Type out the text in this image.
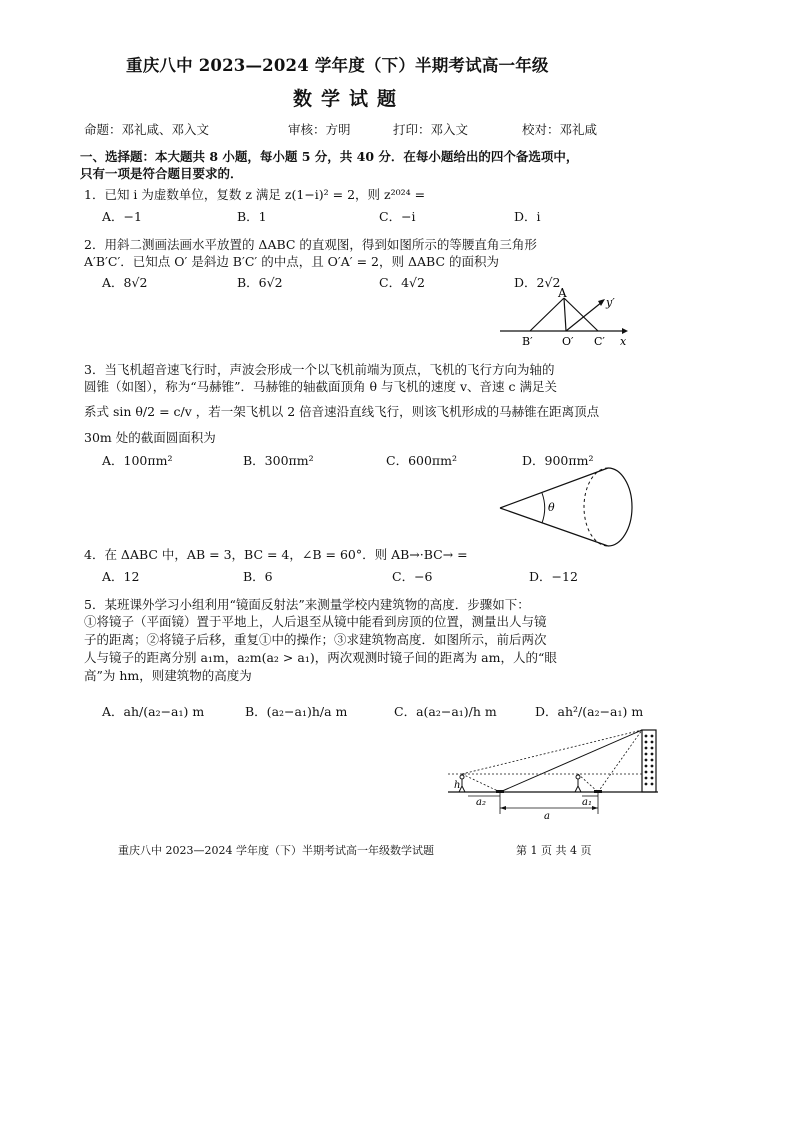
重庆八中 2023—2024 学年度（下）半期考试高一年级
数学试题
命题：邓礼咸、邓入文	审核：方明	打印：邓入文	校对：邓礼咸
一、选择题：本大题共 8 小题，每小题 5 分，共 40 分．在每小题给出的四个备选项中，
只有一项是符合题目要求的．
1．已知 i 为虚数单位，复数 z 满足 z(1−i)² = 2，则 z²⁰²⁴ =
A．−1	B．1	C．−i	D．i
2．用斜二测画法画水平放置的 ΔABC 的直观图，得到如图所示的等腰直角三角形
A′B′C′．已知点 O′ 是斜边 B′C′ 的中点，且 O′A′ = 2，则 ΔABC 的面积为
A．8√2	B．6√2	C．4√2	D．2√2
A
y′
B′	O′ C′ x
3．当飞机超音速飞行时，声波会形成一个以飞机前端为顶点，飞机的飞行方向为轴的
圆锥（如图），称为“马赫锥”．马赫锥的轴截面顶角 θ 与飞机的速度 v、音速 c 满足关
系式 sin θ/2 = c/v ，若一架飞机以 2 倍音速沿直线飞行，则该飞机形成的马赫锥在距离顶点
30m 处的截面圆面积为
A．100πm²	B．300πm²	C．600πm²	D．900πm²
θ
4．在 ΔABC 中，AB = 3，BC = 4，∠B = 60°．则 AB→·BC→ =
A．12	B．6	C．−6	D．−12
5．某班课外学习小组利用“镜面反射法”来测量学校内建筑物的高度．步骤如下：
①将镜子（平面镜）置于平地上，人后退至从镜中能看到房顶的位置，测量出人与镜
子的距离；②将镜子后移，重复①中的操作；③求建筑物高度．如图所示，前后两次
人与镜子的距离分别 a₁m，a₂m(a₂ > a₁)，两次观测时镜子间的距离为 am，人的“眼
高”为 hm，则建筑物的高度为
A．ah/(a₂−a₁) m	B．(a₂−a₁)h/a m	C．a(a₂−a₁)/h m	D．ah²/(a₂−a₁) m
h
a₂
a
a₁
重庆八中 2023—2024 学年度（下）半期考试高一年级数学试题	第 1 页 共 4 页
